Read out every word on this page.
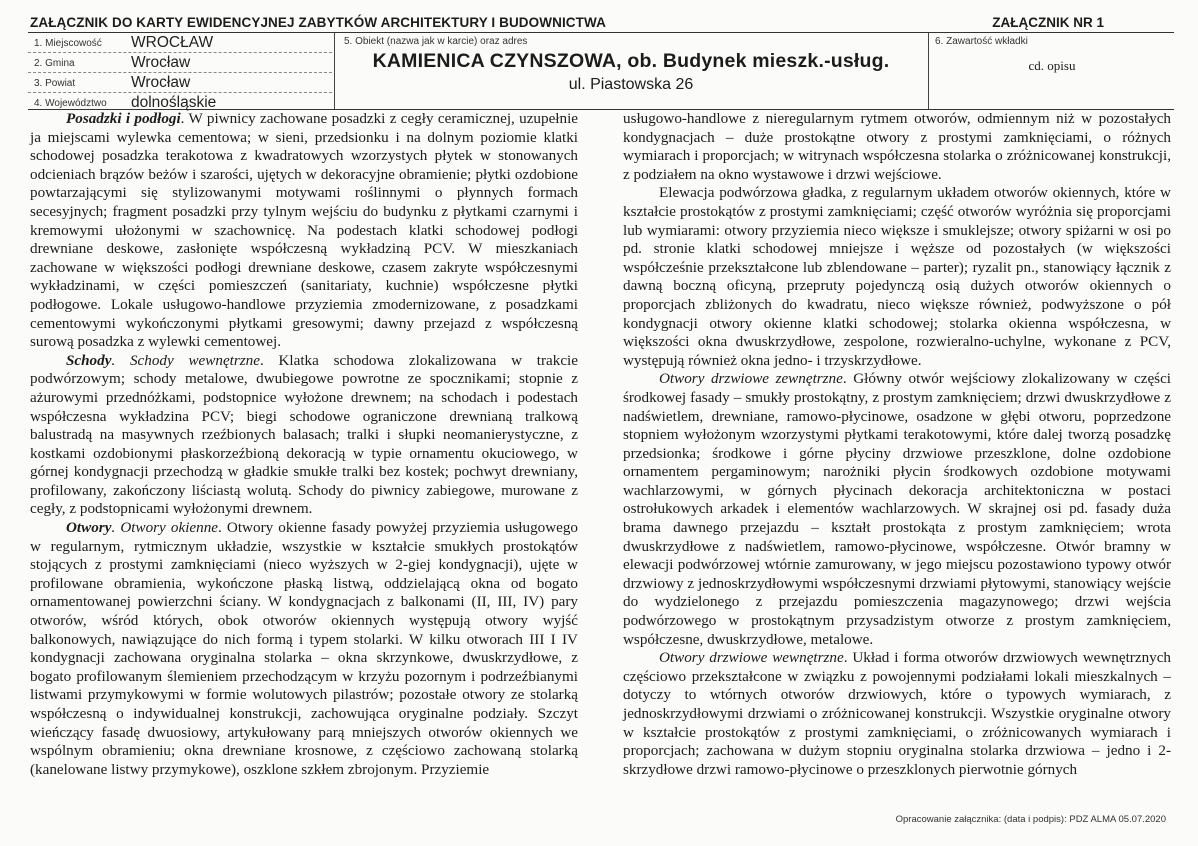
ZAŁĄCZNIK DO KARTY EWIDENCYJNEJ ZABYTKÓW ARCHITEKTURY I BUDOWNICTWA	ZAŁĄCZNIK NR 1
1. Miejscowość WROCŁAW
2. Gmina	Wrocław
3. Powiat	Wrocław
4. Województwo dolnośląskie
5. Obiekt (nazwa jak w karcie) oraz adres
KAMIENICA CZYNSZOWA, ob. Budynek mieszk.-usług.
ul. Piastowska 26
6. Zawartość wkładki
cd. opisu

Posadzki i podłogi. W piwnicy zachowane posadzki z cegły ceramicznej, uzupełnie ja miejscami wylewka cementowa; w sieni, przedsionku i na dolnym poziomie klatki schodowej posadzka terakotowa z kwadratowych wzorzystych płytek w stonowanych odcieniach brązów beżów i szarości, ujętych w dekoracyjne obramienie; płytki ozdobione powtarzającymi się stylizowanymi motywami roślinnymi o płynnych formach secesyjnych; fragment posadzki przy tylnym wejściu do budynku z płytkami czarnymi i kremowymi ułożonymi w szachownicę. Na podestach klatki schodowej podłogi drewniane deskowe, zasłonięte współczesną wykładziną PCV. W mieszkaniach zachowane w większości podłogi drewniane deskowe, czasem zakryte współczesnymi wykładzinami, w części pomieszczeń (sanitariaty, kuchnie) współczesne płytki podłogowe. Lokale usługowo-handlowe przyziemia zmodernizowane, z posadzkami cementowymi wykończonymi płytkami gresowymi; dawny przejazd z współczesną surową posadzka z wylewki cementowej.

Schody. Schody wewnętrzne. Klatka schodowa zlokalizowana w trakcie podwórzowym; schody metalowe, dwubiegowe powrotne ze spocznikami; stopnie z ażurowymi przednóżkami, podstopnice wyłożone drewnem; na schodach i podestach współczesna wykładzina PCV; biegi schodowe ograniczone drewnianą tralkową balustradą na masywnych rzeźbionych balasach; tralki i słupki neomanierystyczne, z kostkami ozdobionymi płaskorzeźbioną dekoracją w typie ornamentu okuciowego, w górnej kondygnacji przechodzą w gładkie smukłe tralki bez kostek; pochwyt drewniany, profilowany, zakończony liściastą wolutą. Schody do piwnicy zabiegowe, murowane z cegły, z podstopnicami wyłożonymi drewnem.

Otwory. Otwory okienne. Otwory okienne fasady powyżej przyziemia usługowego w regularnym, rytmicznym układzie, wszystkie w kształcie smukłych prostokątów stojących z prostymi zamknięciami (nieco wyższych w 2-giej kondygnacji), ujęte w profilowane obramienia, wykończone płaską listwą, oddzielającą okna od bogato ornamentowanej powierzchni ściany. W kondygnacjach z balkonami (II, III, IV) pary otworów, wśród których, obok otworów okiennych występują otwory wyjść balkonowych, nawiązujące do nich formą i typem stolarki. W kilku otworach III I IV kondygnacji zachowana oryginalna stolarka – okna skrzynkowe, dwuskrzydłowe, z bogato profilowanym ślemieniem przechodzącym w krzyżu pozornym i podrzeźbianymi listwami przymykowymi w formie wolutowych pilastrów; pozostałe otwory ze stolarką współczesną o indywidualnej konstrukcji, zachowująca oryginalne podziały. Szczyt wieńczący fasadę dwuosiowy, artykułowany parą mniejszych otworów okiennych we wspólnym obramieniu; okna drewniane krosnowe, z częściowo zachowaną stolarką (kanelowane listwy przymykowe), oszklone szkłem zbrojonym. Przyziemie

usługowo-handlowe z nieregularnym rytmem otworów, odmiennym niż w pozostałych kondygnacjach – duże prostokątne otwory z prostymi zamknięciami, o różnych wymiarach i proporcjach; w witrynach współczesna stolarka o zróżnicowanej konstrukcji, z podziałem na okno wystawowe i drzwi wejściowe.

Elewacja podwórzowa gładka, z regularnym układem otworów okiennych, które w kształcie prostokątów z prostymi zamknięciami; część otworów wyróżnia się proporcjami lub wymiarami: otwory przyziemia nieco większe i smuklejsze; otwory spiżarni w osi po pd. stronie klatki schodowej mniejsze i węższe od pozostałych (w większości współcześnie przekształcone lub zblendowane – parter); ryzalit pn., stanowiący łącznik z dawną boczną oficyną, przepruty pojedynczą osią dużych otworów okiennych o proporcjach zbliżonych do kwadratu, nieco większe również, podwyższone o pół kondygnacji otwory okienne klatki schodowej; stolarka okienna współczesna, w większości okna dwuskrzydłowe, zespolone, rozwieralno-uchylne, wykonane z PCV, występują również okna jedno- i trzyskrzydłowe.

Otwory drzwiowe zewnętrzne. Główny otwór wejściowy zlokalizowany w części środkowej fasady – smukły prostokątny, z prostym zamknięciem; drzwi dwuskrzydłowe z nadświetlem, drewniane, ramowo-płycinowe, osadzone w głębi otworu, poprzedzone stopniem wyłożonym wzorzystymi płytkami terakotowymi, które dalej tworzą posadzkę przedsionka; środkowe i górne płyciny drzwiowe przeszklone, dolne ozdobione ornamentem pergaminowym; narożniki płycin środkowych ozdobione motywami wachlarzowymi, w górnych płycinach dekoracja architektoniczna w postaci ostrołukowych arkadek i elementów wachlarzowych. W skrajnej osi pd. fasady duża brama dawnego przejazdu – kształt prostokąta z prostym zamknięciem; wrota dwuskrzydłowe z nadświetlem, ramowo-płycinowe, współczesne. Otwór bramny w elewacji podwórzowej wtórnie zamurowany, w jego miejscu pozostawiono typowy otwór drzwiowy z jednoskrzydłowymi współczesnymi drzwiami płytowymi, stanowiący wejście do wydzielonego z przejazdu pomieszczenia magazynowego; drzwi wejścia podwórzowego w prostokątnym przysadzistym otworze z prostym zamknięciem, współczesne, dwuskrzydłowe, metalowe.

Otwory drzwiowe wewnętrzne. Układ i forma otworów drzwiowych wewnętrznych częściowo przekształcone w związku z powojennymi podziałami lokali mieszkalnych – dotyczy to wtórnych otworów drzwiowych, które o typowych wymiarach, z jednoskrzydłowymi drzwiami o zróżnicowanej konstrukcji. Wszystkie oryginalne otwory w kształcie prostokątów z prostymi zamknięciami, o zróżnicowanych wymiarach i proporcjach; zachowana w dużym stopniu oryginalna stolarka drzwiowa – jedno i 2-skrzydłowe drzwi ramowo-płycinowe o przeszklonych pierwotnie górnych

Opracowanie załącznika: (data i podpis): PDZ ALMA 05.07.2020
